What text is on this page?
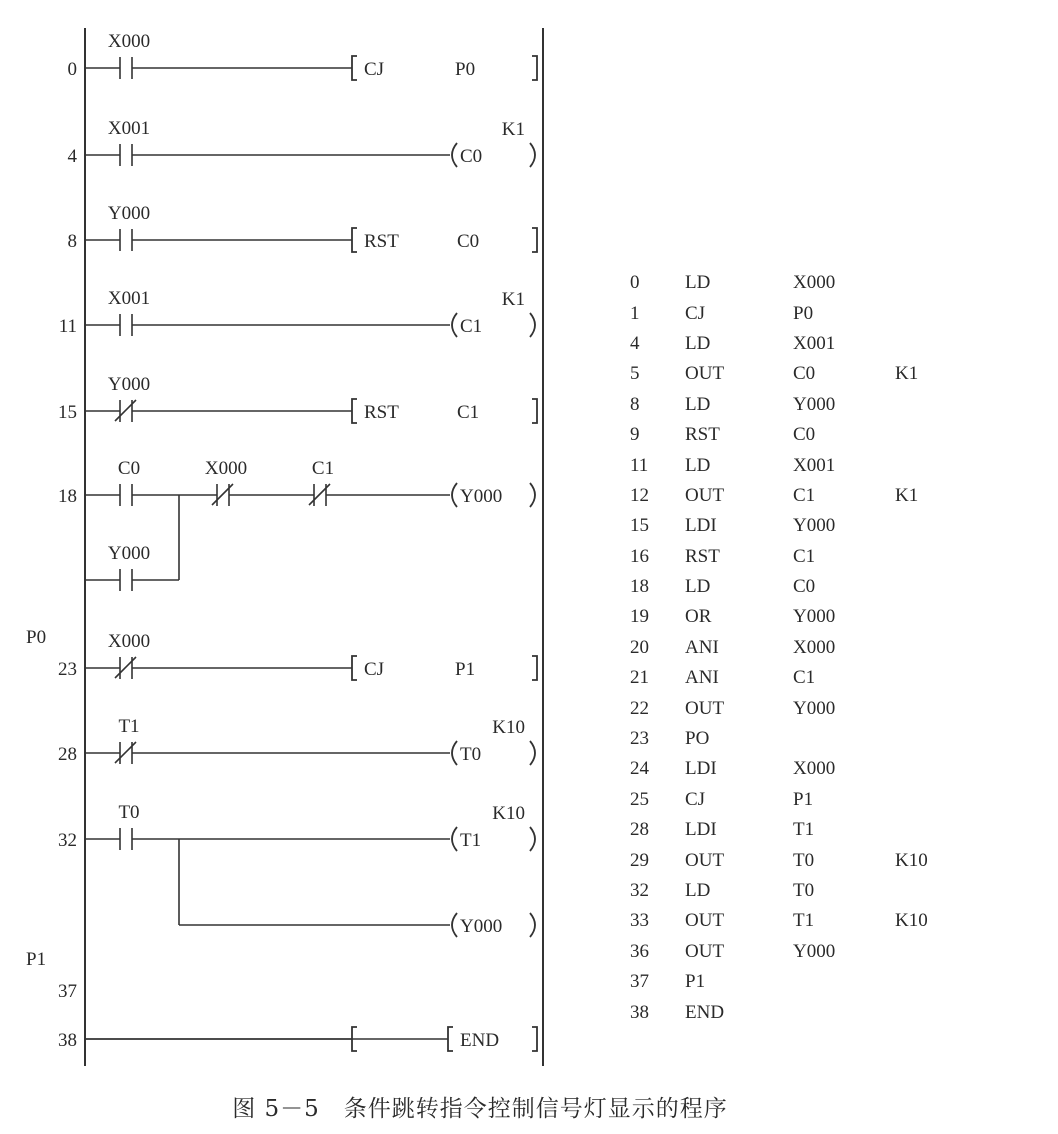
0
X000
CJ	P0
4
X001
C0
K1
8
Y000
RST	C0
11
X001
C1
K1
15
Y000
RST	C1
18
C0	X000	C1
Y000
Y000
23
P0	X000
CJ	P1
28
T1
T0
K10
32
T0
T1
K10
Y000
37
P1
38	END
0	LD	X000	
1	CJ	P0	
4	LD	X001	
5	OUT	C0	K1
8	LD	Y000	
9	RST	C0	
11	LD	X001	
12	OUT	C1	K1
15	LDI	Y000	
16	RST	C1	
18	LD	C0	
19	OR	Y000	
20	ANI	X000	
21	ANI	C1	
22	OUT	Y000	
23	PO		
24	LDI	X000	
25	CJ	P1	
28	LDI	T1	
29	OUT	T0	K10
32	LD	T0	
33	OUT	T1	K10
36	OUT	Y000	
37	P1		
38	END		
图 5－5　条件跳转指令控制信号灯显示的程序
